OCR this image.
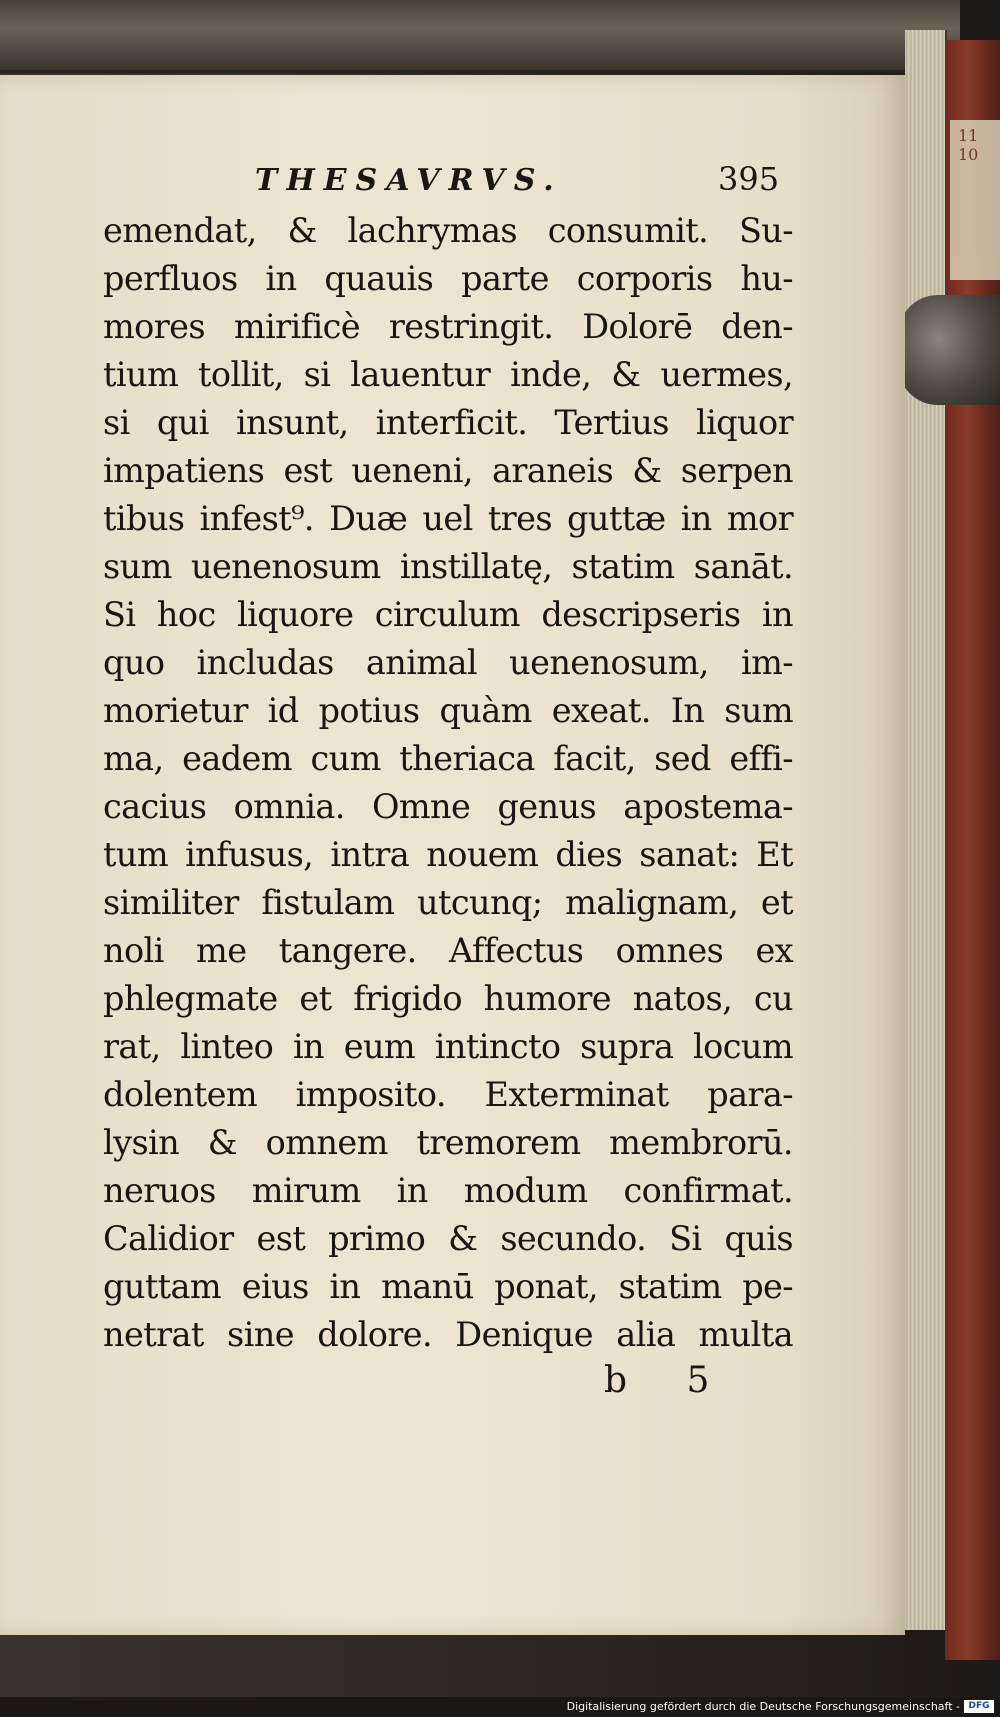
11
10
THESAVRVS.	395
emendat, & lachrymas consumit. Su-
perfluos in quauis parte corporis hu-
mores mirificè restringit. Dolorē den-
tium tollit, si lauentur inde, & uermes,
si qui insunt, interficit. Tertius liquor
impatiens est ueneni, araneis & serpen
tibus infest⁹. Duæ uel tres guttæ in mor
sum uenenosum instillatę, statim sanāt.
Si hoc liquore circulum descripseris in
quo includas animal uenenosum, im-
morietur id potius quàm exeat. In sum
ma, eadem cum theriaca facit, sed effi-
cacius omnia. Omne genus apostema-
tum infusus, intra nouem dies sanat: Et
similiter fistulam utcunq; malignam, et
noli me tangere. Affectus omnes ex
phlegmate et frigido humore natos, cu
rat, linteo in eum intincto supra locum
dolentem imposito. Exterminat para-
lysin & omnem tremorem membrorū.
neruos mirum in modum confirmat.
Calidior est primo & secundo. Si quis
guttam eius in manū ponat, statim pe-
netrat sine dolore. Denique alia multa
b 5
Digitalisierung gefördert durch die Deutsche Forschungsgemeinschaft - DFG
